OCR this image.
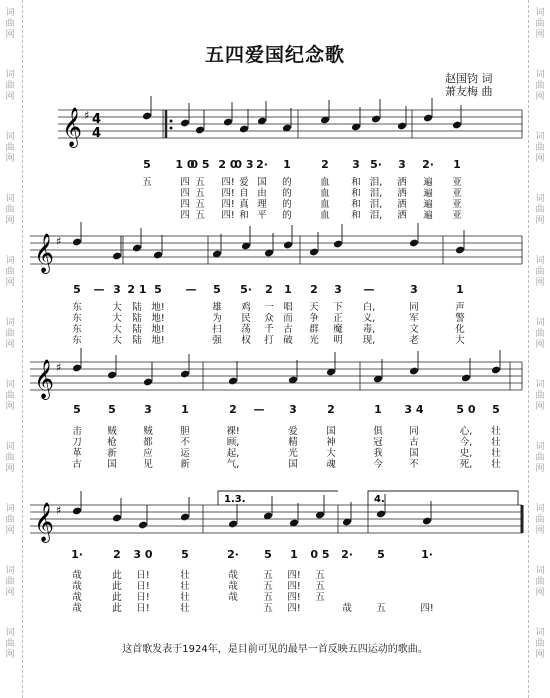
词
曲
网
词
曲
网
词
曲
网
词
曲
网
词
曲
网
词
曲
网
词
曲
网
词
曲
网
词
曲
网
词
曲
网
词
曲
网
词
曲
网
词
曲
网
词
曲
网
词
曲
网
词
曲
网
词
曲
网
词
曲
网
词
曲
网
词
曲
网
词
曲
网
词
曲
网
五四爱国纪念歌
赵国钧 词
萧友梅 曲
𝄞 ♯ 4
4
5 1 0
0 5 2 0
0 3 2· 1	2 3 5· 3 2· 1
五	四 五 四! 爱 国 的	血 和 泪, 洒 遍 亚
四 五 四! 自 由 的	血 和 泪, 洒 遍 亚
四 五 四! 真 理 的	血 和 泪, 洒 遍 亚
四 五 四! 和 平 的	血 和 泪, 洒 遍 亚
𝄞 ♯
5 — 3 2 1 5 — 5 5· 2 1 2 3 —	3	1
东	大 陆 地!	雄 鸡 一 唱 天 下 白,	同	声
东	大 陆 地!	为 民 众 而 争 正 义,	军	警
东	大 陆 地!	扫 荡 千 古 群 魔 毒,	文	化
东	大 陆 地!	强 权 打 破 光 明 现,	老	大
𝄞 ♯
5 5	3	1	2 — 3	2	1 3 4	5 0 5
击	贼	贼	胆	裸!	爱	国	俱	同	心, 壮
刀	枪	都	不	顾,	精	神	冠	古	今, 壮
革	新	应	运	起,	光	大	我	国	史, 壮
古	国	见	新	气,	国	魂	今	不	死, 壮
𝄞 ♯
1·	2 3 0	5	2· 5 1 0 5 2· 5	1·
哉	此 日!	壮	哉	五 四! 五
哉	此 日!	壮	哉	五 四! 五
哉	此 日!	壮	哉	五 四! 五
哉	此 日!	壮	五 四!	哉	五	四!
1.3.	4.
这首歌发表于1924年，是目前可见的最早一首反映五四运动的歌曲。
